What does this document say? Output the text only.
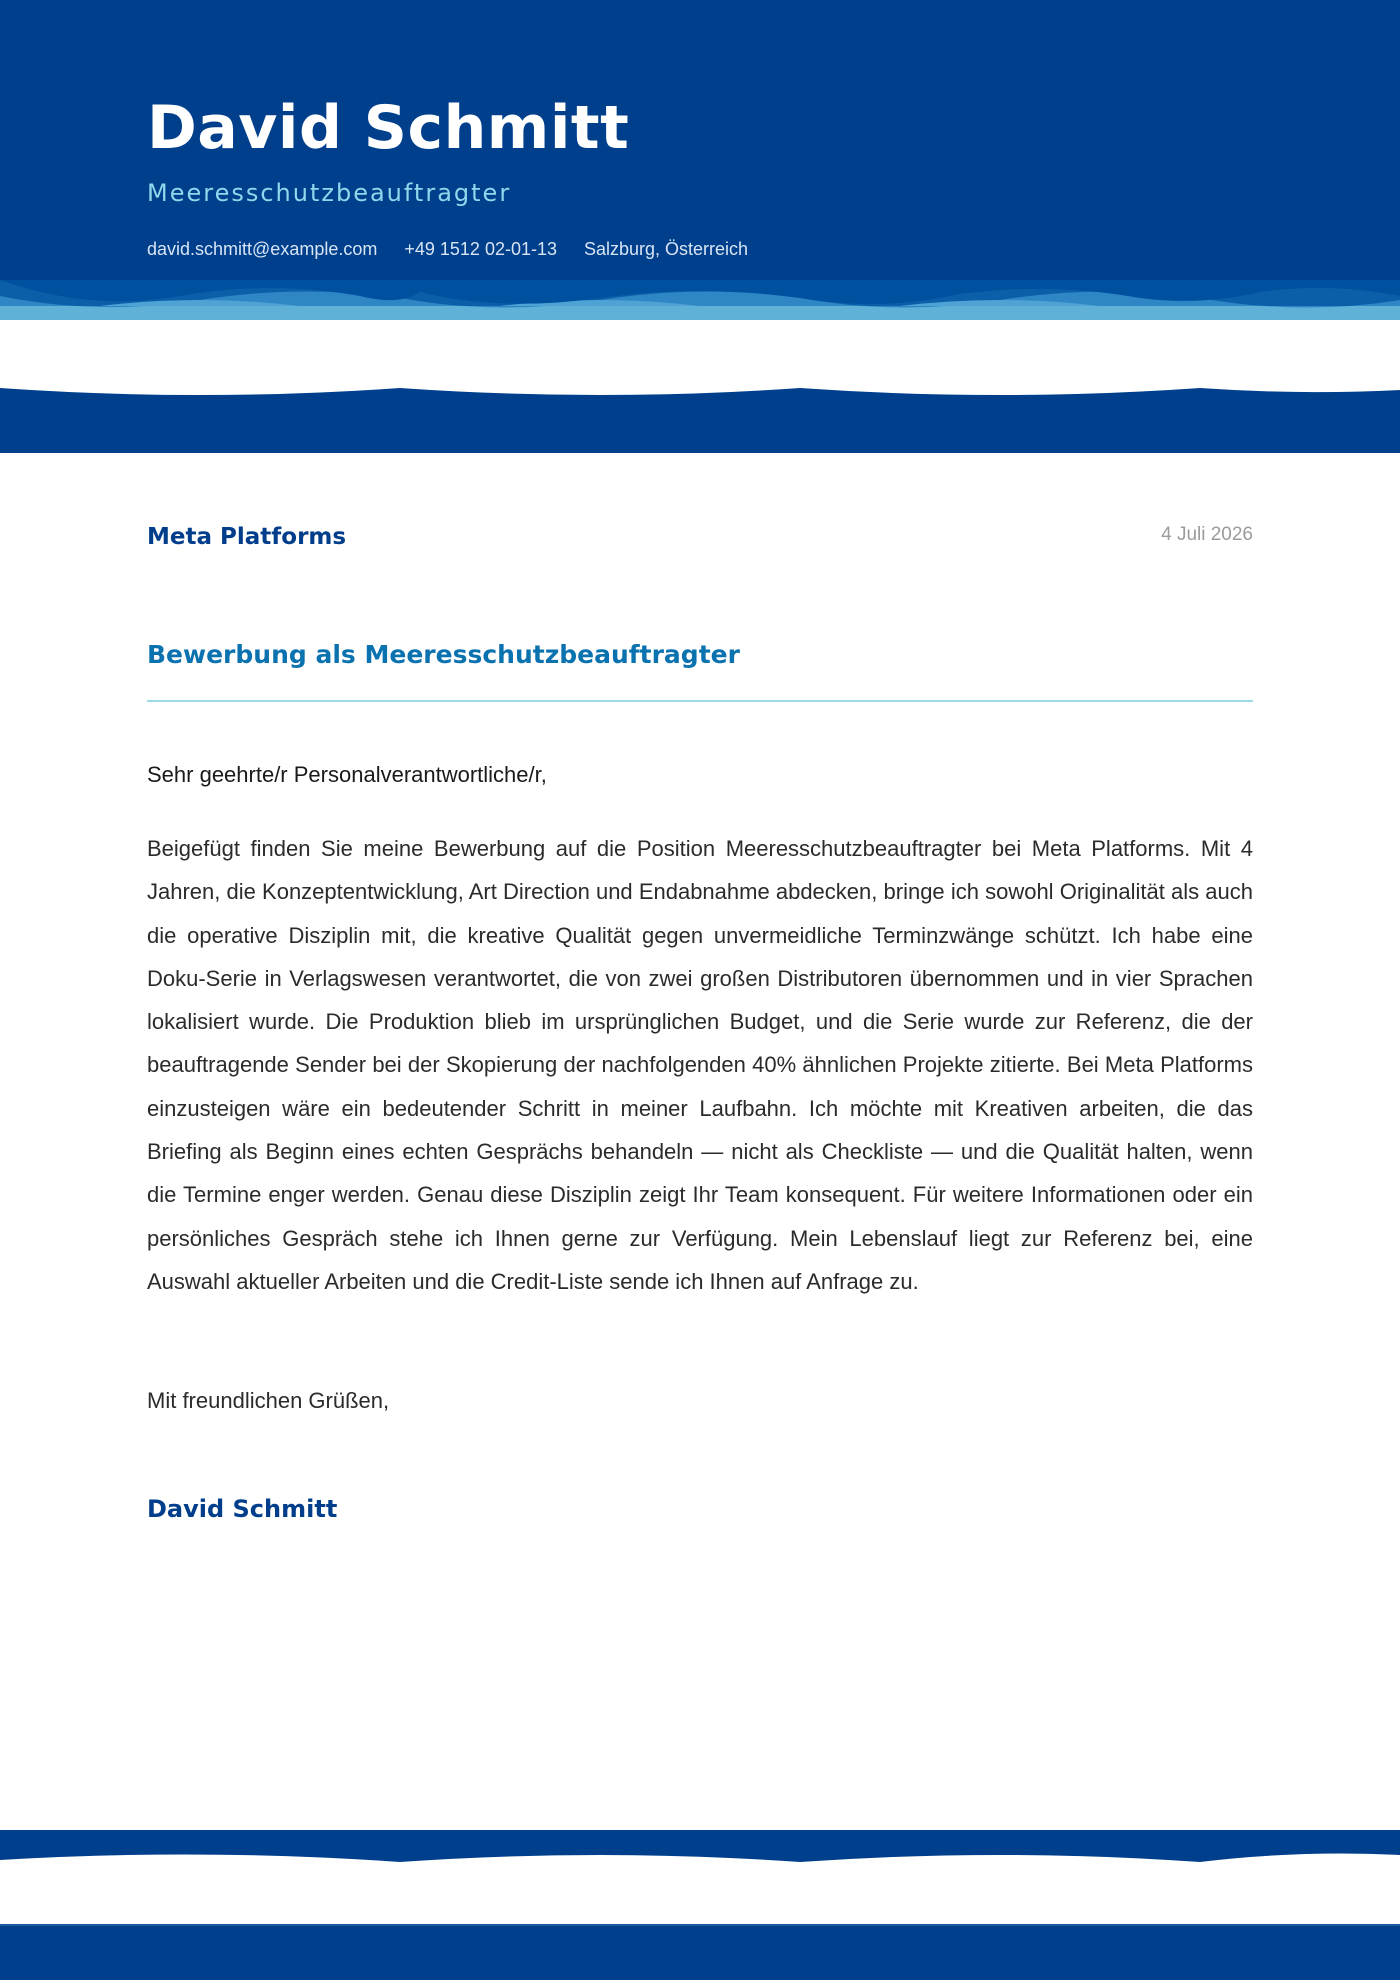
David Schmitt
Meeresschutzbeauftragter
david.schmitt@example.com +49 1512 02-01-13 Salzburg, Österreich
Meta Platforms	4 Juli 2026
Bewerbung als Meeresschutzbeauftragter
Sehr geehrte/r Personalverantwortliche/r,

Beigefügt finden Sie meine Bewerbung auf die Position Meeresschutzbeauftragter bei Meta Platforms. Mit 4 Jahren, die Konzeptentwicklung, Art Direction und Endabnahme abdecken, bringe ich sowohl Originalität als auch die operative Disziplin mit, die kreative Qualität gegen unvermeidliche Terminzwänge schützt. Ich habe eine Doku-Serie in Verlagswesen verantwortet, die von zwei großen Distributoren übernommen und in vier Sprachen lokalisiert wurde. Die Produktion blieb im ursprünglichen Budget, und die Serie wurde zur Referenz, die der beauftragende Sender bei der Skopierung der nachfolgenden 40% ähnlichen Projekte zitierte. Bei Meta Platforms einzusteigen wäre ein bedeutender Schritt in meiner Laufbahn. Ich möchte mit Kreativen arbeiten, die das Briefing als Beginn eines echten Gesprächs behandeln — nicht als Checkliste — und die Qualität halten, wenn die Termine enger werden. Genau diese Disziplin zeigt Ihr Team konsequent. Für weitere Informationen oder ein persönliches Gespräch stehe ich Ihnen gerne zur Verfügung. Mein Lebenslauf liegt zur Referenz bei, eine Auswahl aktueller Arbeiten und die Credit-Liste sende ich Ihnen auf Anfrage zu.

Mit freundlichen Grüßen,
David Schmitt
